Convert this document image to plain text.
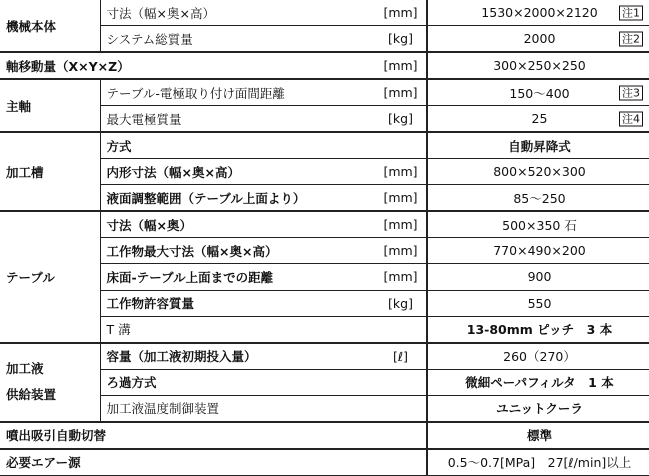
機械本体	寸法（幅×奥×高）	[mm]	1530×2000×2120 注1

	システム総質量	[kg]	2000 注2

軸移動量（X×Y×Z）		[mm]	300×250×250
主軸	テーブル-電極取り付け面間距離	[mm]	150〜400 注3

	最大電極質量	[kg]	25 注4

加工槽	方式		自動昇降式
	内形寸法（幅×奥×高）	[mm]	800×520×300
	液面調整範囲（テーブル上面より）	[mm]	85〜250
テーブル	寸法（幅×奥）	[mm]	500×350 石
	工作物最大寸法（幅×奥×高）	[mm]	770×490×200
	床面-テーブル上面までの距離	[mm]	900
	工作物許容質量	[kg]	550
	T 溝		13-80mm ピッチ　3 本

加工液
供給装置	容量（加工液初期投入量）	[ℓ]	260（270）
	ろ過方式		微細ペーパフィルタ　1 本
	加工液温度制御装置		ユニットクーラ
噴出吸引自動切替			標準
必要エアー源			0.5〜0.7[MPa]　27[ℓ/min]以上
